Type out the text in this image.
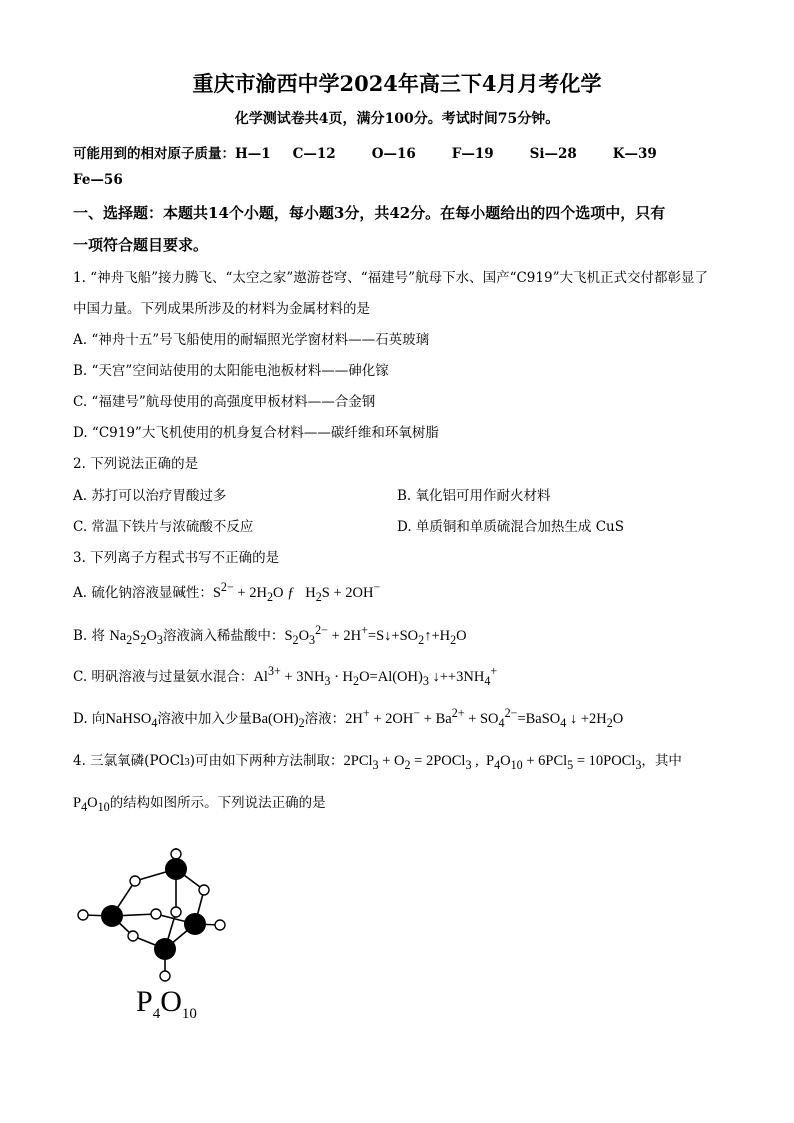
重庆市渝西中学2024年高三下4月月考化学
化学测试卷共4页，满分100分。考试时间75分钟。
可能用到的相对原子质量：H—1 C—12	O—16	F—19	Si—28	K—39
Fe—56
一、选择题：本题共14个小题，每小题3分，共42分。在每小题给出的四个选项中，只有
一项符合题目要求。
1. “神舟飞船”接力腾飞、“太空之家”遨游苍穹、“福建号”航母下水、国产“C919”大飞机正式交付都彰显了
中国力量。下列成果所涉及的材料为金属材料的是
A. “神舟十五”号飞船使用的耐辐照光学窗材料——石英玻璃
B. “天宫”空间站使用的太阳能电池板材料——砷化镓
C. “福建号”航母使用的高强度甲板材料——合金钢
D. “C919”大飞机使用的机身复合材料——碳纤维和环氧树脂
2. 下列说法正确的是
A. 苏打可以治疗胃酸过多	B. 氧化铝可用作耐火材料
C. 常温下铁片与浓硫酸不反应	D. 单质铜和单质硫混合加热生成 CuS
3. 下列离子方程式书写不正确的是
A. 硫化钠溶液显碱性：$S^{2-} + 2H_2O$ ƒ   $H_2S + 2OH^-$
B. 将 $Na_2S_2O_3$溶液滴入稀盐酸中：$S_2O_3^{2-}$ + $2H^+=S↓+SO_2↑+H_2O$
C. 明矾溶液与过量氨水混合：$Al^{3+} + 3NH_3 \cdot H_2O=Al(OH)_3$ $↓++3NH_4^+$
D. 向NaHSO$_4$溶液中加入少量$Ba(OH)_2$溶液：$2H^+ + 2OH^- + Ba^{2+}$ + $SO_4^{2-}=BaSO_4$ ↓ $+2H_2O$
4. 三氯氧磷(POCl3)可由如下两种方法制取：$2PCl_3 + O_2$ = 2POCl$_3$ ,  $P_4O_{10} + 6PCl_5$ = 10POCl$_3$，其中
$P_4O_{10}$的结构如图所示。下列说法正确的是
$P_4O_{10}$
